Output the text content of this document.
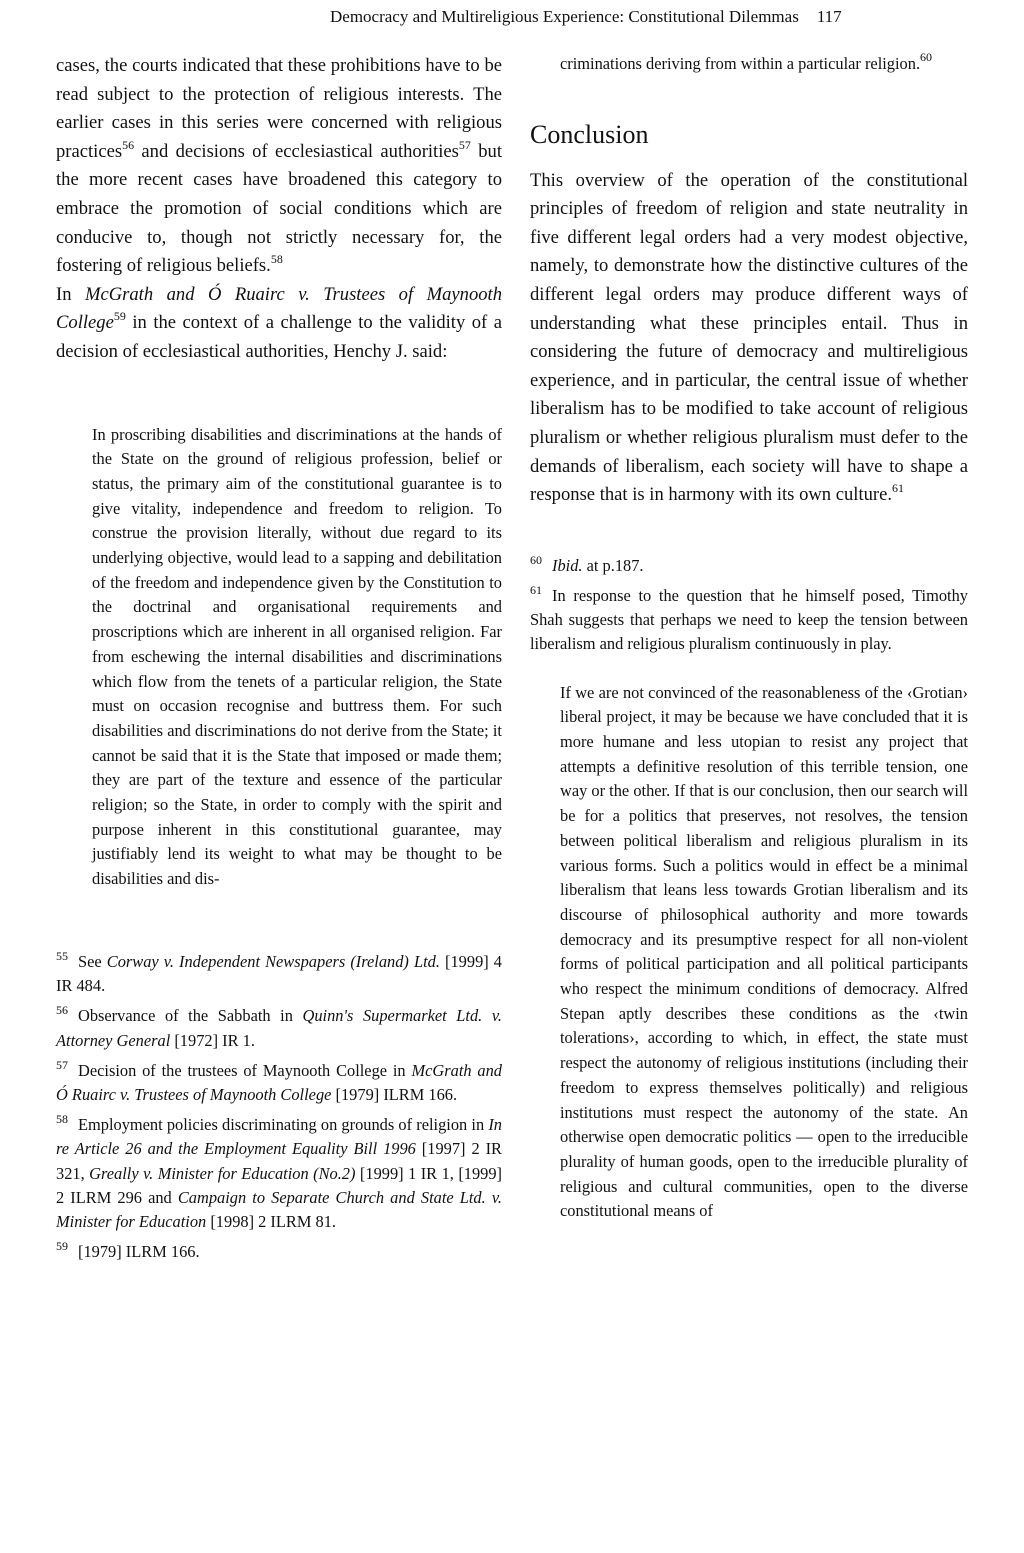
Democracy and Multireligious Experience: Constitutional Dilemmas 117

cases, the courts indicated that these prohibitions have to be read subject to the protection of religious interests. The earlier cases in this series were concerned with religious practices$^{56}$ and decisions of ecclesiastical authorities$^{57}$ but the more recent cases have broadened this category to embrace the promotion of social conditions which are conducive to, though not strictly necessary for, the fostering of religious beliefs.$^{58}$

In McGrath and Ó Ruairc v. Trustees of Maynooth College$^{59}$ in the context of a challenge to the validity of a decision of ecclesiastical authorities, Henchy J. said:

In proscribing disabilities and discriminations at the hands of the State on the ground of religious profession, belief or status, the primary aim of the constitutional guarantee is to give vitality, independence and freedom to religion. To construe the provision literally, without due regard to its underlying objective, would lead to a sapping and debilitation of the freedom and independence given by the Constitution to the doctrinal and organisational requirements and proscriptions which are inherent in all organised religion. Far from eschewing the internal disabilities and discriminations which flow from the tenets of a particular religion, the State must on occasion recognise and buttress them. For such disabilities and discriminations do not derive from the State; it cannot be said that it is the State that imposed or made them; they are part of the texture and essence of the particular religion; so the State, in order to comply with the spirit and purpose inherent in this constitutional guarantee, may justifiably lend its weight to what may be thought to be disabilities and dis-

$^{55}$ See Corway v. Independent Newspapers (Ireland) Ltd. [1999] 4 IR 484.

$^{56}$ Observance of the Sabbath in Quinn's Supermarket Ltd. v. Attorney General [1972] IR 1.

$^{57}$ Decision of the trustees of Maynooth College in McGrath and Ó Ruairc v. Trustees of Maynooth College [1979] ILRM 166.

$^{58}$ Employment policies discriminating on grounds of religion in In re Article 26 and the Employment Equality Bill 1996 [1997] 2 IR 321, Greally v. Minister for Education (No.2) [1999] 1 IR 1, [1999] 2 ILRM 296 and Campaign to Separate Church and State Ltd. v. Minister for Education [1998] 2 ILRM 81.

$^{59}$ [1979] ILRM 166.

criminations deriving from within a particular religion.$^{60}$

Conclusion

This overview of the operation of the constitutional principles of freedom of religion and state neutrality in five different legal orders had a very modest objective, namely, to demonstrate how the distinctive cultures of the different legal orders may produce different ways of understanding what these principles entail. Thus in considering the future of democracy and multireligious experience, and in particular, the central issue of whether liberalism has to be modified to take account of religious pluralism or whether religious pluralism must defer to the demands of liberalism, each society will have to shape a response that is in harmony with its own culture.$^{61}$

$^{60}$ Ibid. at p.187.

$^{61}$ In response to the question that he himself posed, Timothy Shah suggests that perhaps we need to keep the tension between liberalism and religious pluralism continuously in play.

If we are not convinced of the reasonableness of the ‹Grotian› liberal project, it may be because we have concluded that it is more humane and less utopian to resist any project that attempts a definitive resolution of this terrible tension, one way or the other. If that is our conclusion, then our search will be for a politics that preserves, not resolves, the tension between political liberalism and religious pluralism in its various forms. Such a politics would in effect be a minimal liberalism that leans less towards Grotian liberalism and its discourse of philosophical authority and more towards democracy and its presumptive respect for all non-violent forms of political participation and all political participants who respect the minimum conditions of democracy. Alfred Stepan aptly describes these conditions as the ‹twin tolerations›, according to which, in effect, the state must respect the autonomy of religious institutions (including their freedom to express themselves politically) and religious institutions must respect the autonomy of the state. An otherwise open democratic politics — open to the irreducible plurality of human goods, open to the irreducible plurality of religious and cultural communities, open to the diverse constitutional means of
